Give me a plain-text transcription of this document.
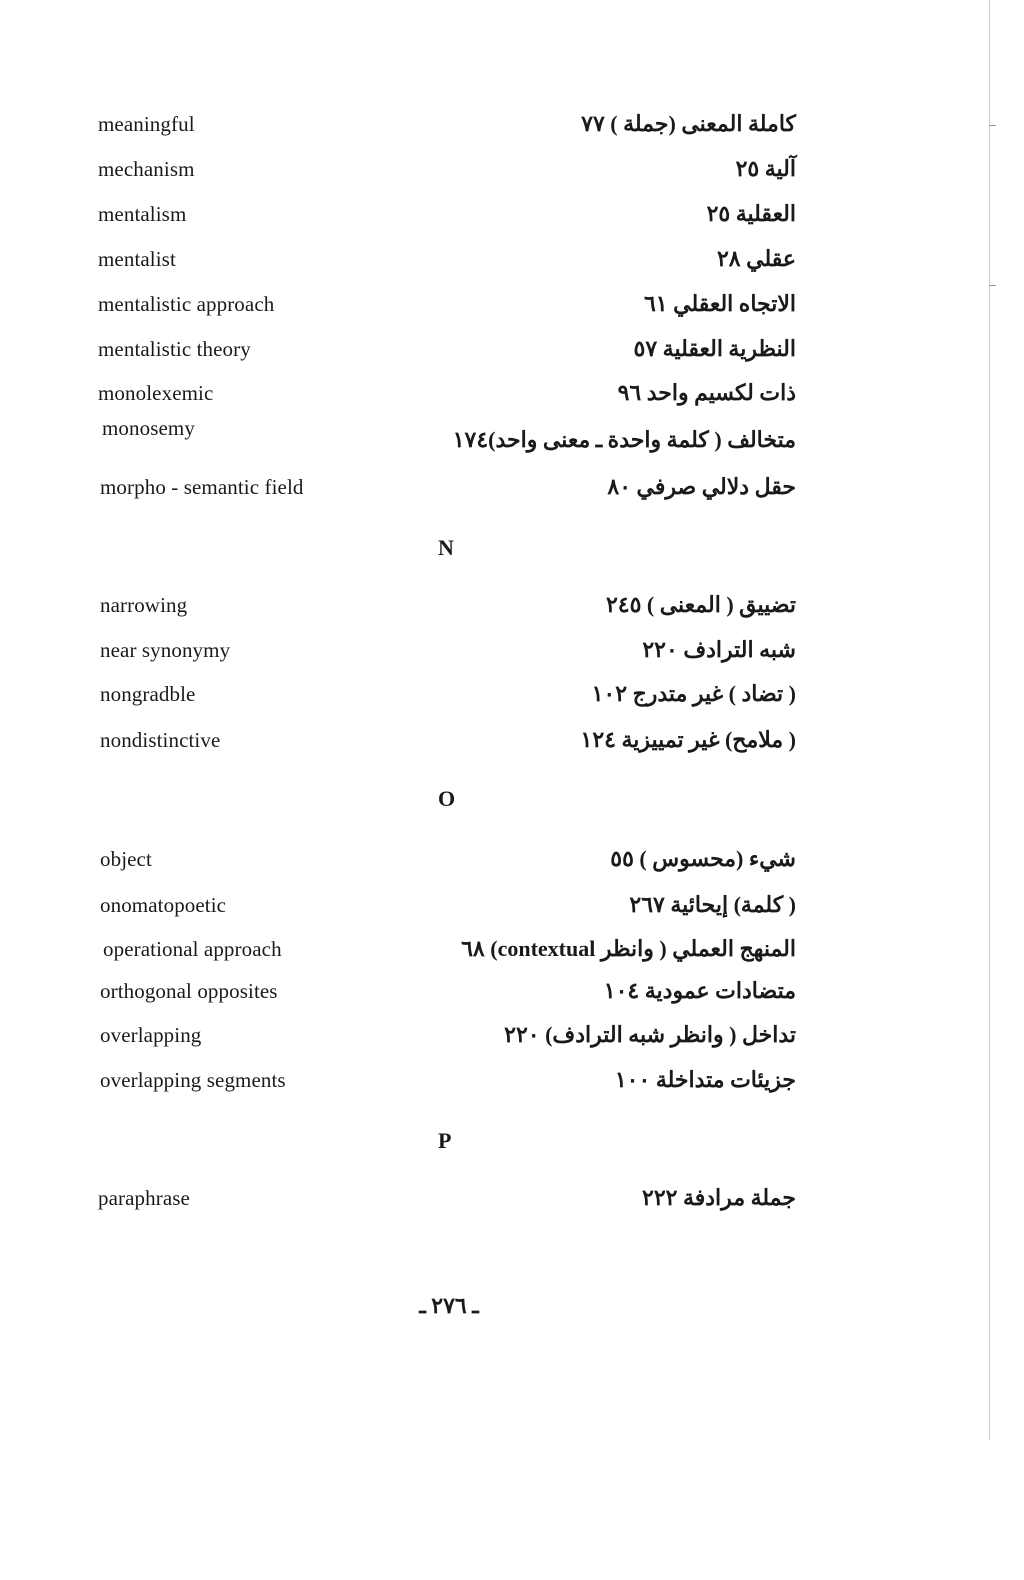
meaningful	كاملة المعنى (جملة ) ٧٧
mechanism	آلية ٢٥
mentalism	العقلية ٢٥
mentalist	عقلي ٢٨
mentalistic approach	الاتجاه العقلي ٦١
mentalistic theory	النظرية العقلية ٥٧
monolexemic	ذات لكسيم واحد ٩٦
monosemy	متخالف ( كلمة واحدة ـ معنى واحد)١٧٤
morpho - semantic field	حقل دلالي صرفي ٨٠
N
narrowing	تضييق ( المعنى ) ٢٤٥
near synonymy	شبه الترادف ٢٢٠
nongradble	( تضاد ) غير متدرج ١٠٢
nondistinctive	( ملامح) غير تمييزية ١٢٤
O
object	شيء (محسوس ) ٥٥
onomatopoetic	( كلمة) إيحائية ٢٦٧
operational approach	المنهج العملي ( وانظر contextual) ٦٨
orthogonal opposites	متضادات عمودية ١٠٤
overlapping	تداخل ( وانظر شبه الترادف) ٢٢٠
overlapping segments	جزيئات متداخلة ١٠٠
P
paraphrase	جملة مرادفة ٢٢٢
ـ ٢٧٦ ـ
